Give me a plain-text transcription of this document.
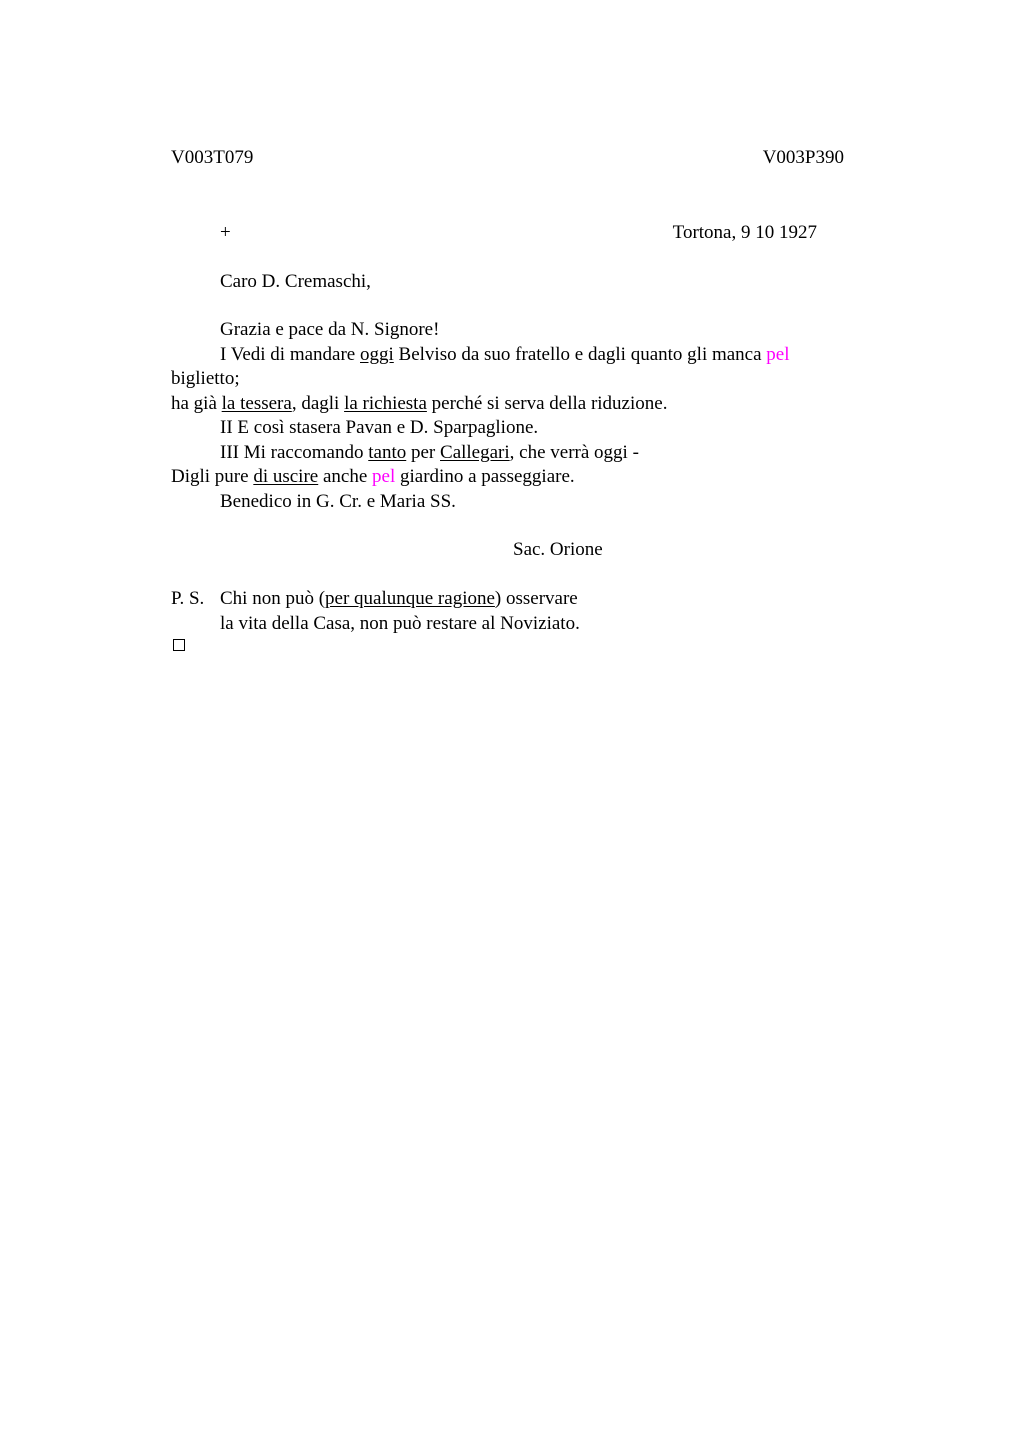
V003T079	V003P390
+	Tortona, 9 10 1927
Caro D. Cremaschi,
Grazia e pace da N. Signore!
I Vedi di mandare oggi Belviso da suo fratello e dagli quanto gli manca pel
biglietto;
ha già la tessera, dagli la richiesta perché si serva della riduzione.
II E così stasera Pavan e D. Sparpaglione.
III Mi raccomando tanto per Callegari, che verrà oggi -
Digli pure di uscire anche pel giardino a passeggiare.
Benedico in G. Cr. e Maria SS.
Sac. Orione
P. S. Chi non può (per qualunque ragione) osservare
la vita della Casa, non può restare al Noviziato.
